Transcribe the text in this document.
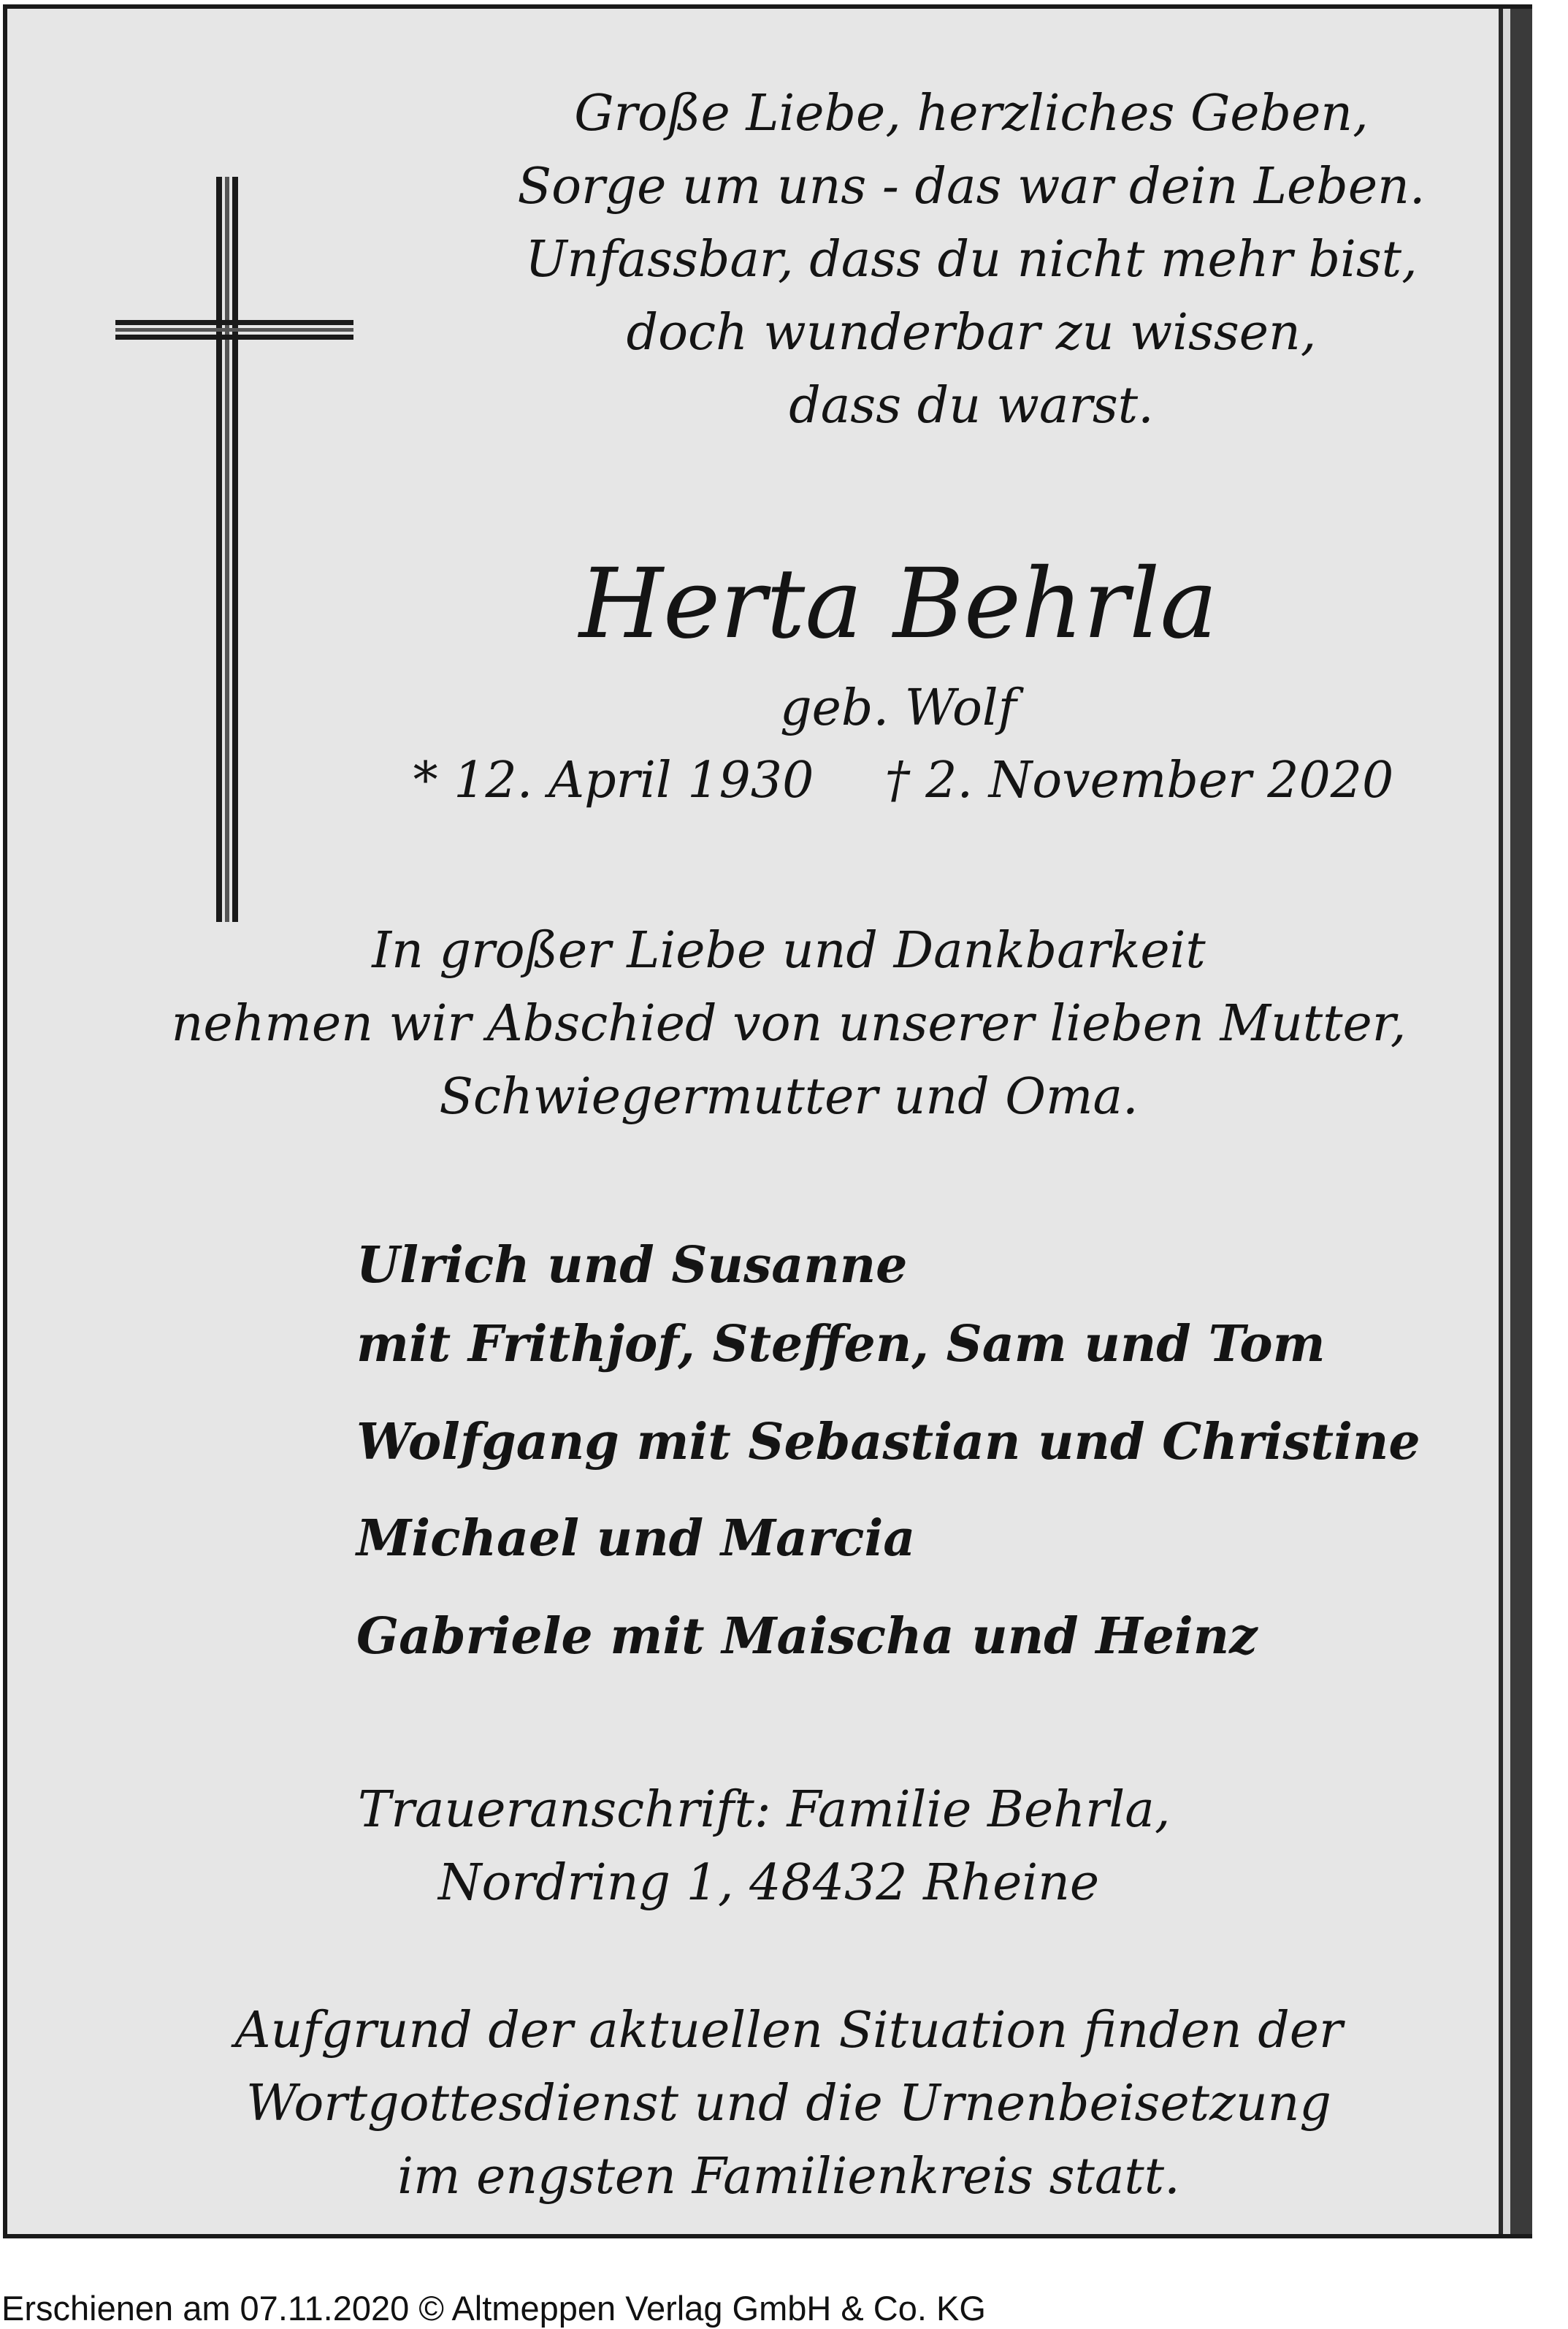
Große Liebe, herzliches Geben,
Sorge um uns - das war dein Leben.
Unfassbar, dass du nicht mehr bist,
doch wunderbar zu wissen,
dass du warst.
Herta Behrla
geb. Wolf
* 12. April 1930	† 2. November 2020
In großer Liebe und Dankbarkeit
nehmen wir Abschied von unserer lieben Mutter,
Schwiegermutter und Oma.
Ulrich und Susanne
mit Frithjof, Steffen, Sam und Tom
Wolfgang mit Sebastian und Christine
Michael und Marcia
Gabriele mit Maischa und Heinz
Traueranschrift: Familie Behrla,
Nordring 1, 48432 Rheine
Aufgrund der aktuellen Situation finden der
Wortgottesdienst und die Urnenbeisetzung
im engsten Familienkreis statt.
Erschienen am 07.11.2020 © Altmeppen Verlag GmbH & Co. KG
